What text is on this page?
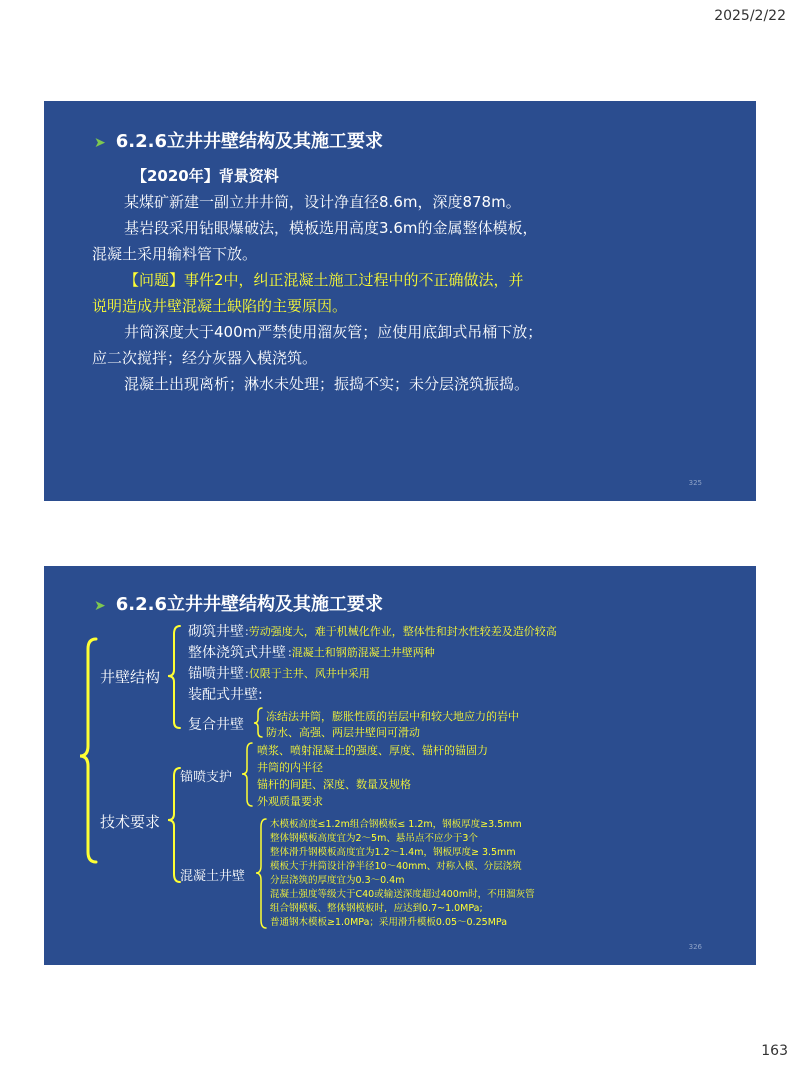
2025/2/22
➤ 6.2.6立井井壁结构及其施工要求
【2020年】背景资料
某煤矿新建一副立井井筒，设计净直径8.6m，深度878m。
基岩段采用钻眼爆破法，模板选用高度3.6m的金属整体模板，
混凝土采用输料管下放。
【问题】事件2中，纠正混凝土施工过程中的不正确做法，并
说明造成井壁混凝土缺陷的主要原因。
井筒深度大于400m严禁使用溜灰管；应使用底卸式吊桶下放；
应二次搅拌；经分灰器入模浇筑。
混凝土出现离析；淋水未处理；振捣不实；未分层浇筑振捣。
325
➤ 6.2.6立井井壁结构及其施工要求
井壁结构
技术要求
砌筑井壁 :劳动强度大，难于机械化作业，整体性和封水性较差及造价较高
整体浇筑式井壁 :混凝土和钢筋混凝土井壁两种
锚喷井壁 :仅限于主井、风井中采用
装配式井壁:
复合井壁
冻结法井筒，膨胀性质的岩层中和较大地应力的岩中
防水、高强、两层井壁间可滑动
锚喷支护
喷浆、喷射混凝土的强度、厚度、锚杆的锚固力
井筒的内半径
锚杆的间距、深度、数量及规格
外观质量要求
混凝土井壁
木模板高度≤1.2m组合钢模板≤ 1.2m，钢板厚度≥3.5mm
整体钢模板高度宜为2～5m、悬吊点不应少于3个
整体滑升钢模板高度宜为1.2～1.4m，钢板厚度≥ 3.5mm
模板大于井筒设计净半径10～40mm、对称入模、分层浇筑
分层浇筑的厚度宜为0.3～0.4m
混凝土强度等级大于C40或输送深度超过400m时，不用溜灰管
组合钢模板、整体钢模板时，应达到0.7~1.0MPa;
普通钢木模板≥1.0MPa；采用滑升模板0.05～0.25MPa
326
163
